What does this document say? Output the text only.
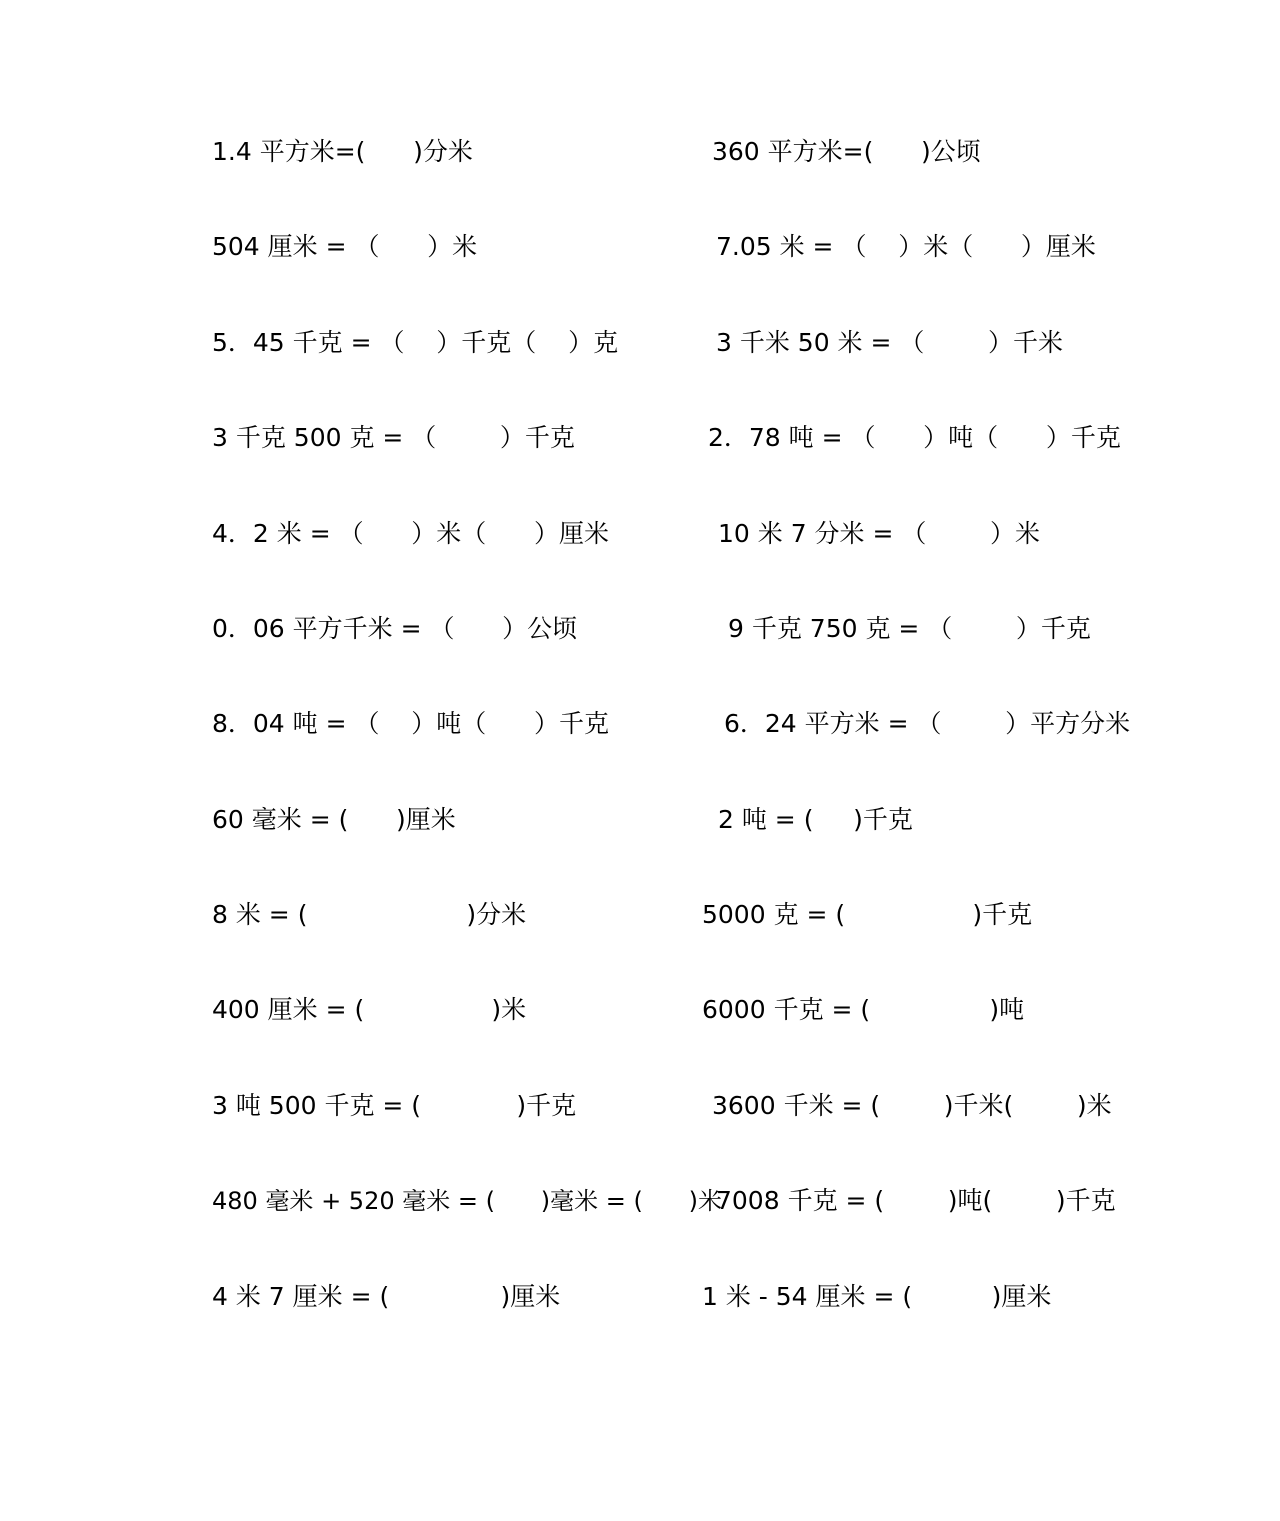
1.4 平方米=(      )分米
504 厘米 = （      ）米
5．45 千克 = （    ）千克（    ）克
3 千克 500 克 = （        ）千克
4．2 米 = （      ）米（      ）厘米
0．06 平方千米 = （      ）公顷
8．04 吨 = （    ）吨（      ）千克
60 毫米 = (      )厘米
8 米 = (                    )分米
400 厘米 = (                )米
3 吨 500 千克 = (            )千克
480 毫米 + 520 毫米 = (      )毫米 = (      )米
4 米 7 厘米 = (              )厘米
360 平方米=(      )公顷
7.05 米 = （    ）米（      ）厘米
3 千米 50 米 = （        ）千米
2．78 吨 = （      ）吨（      ）千克
10 米 7 分米 = （        ）米
9 千克 750 克 = （        ）千克
6．24 平方米 = （        ）平方分米
2 吨 = (     )千克
5000 克 = (                )千克
6000 千克 = (               )吨
3600 千米 = (        )千米(        )米
7008 千克 = (        )吨(        )千克
1 米 - 54 厘米 = (          )厘米
